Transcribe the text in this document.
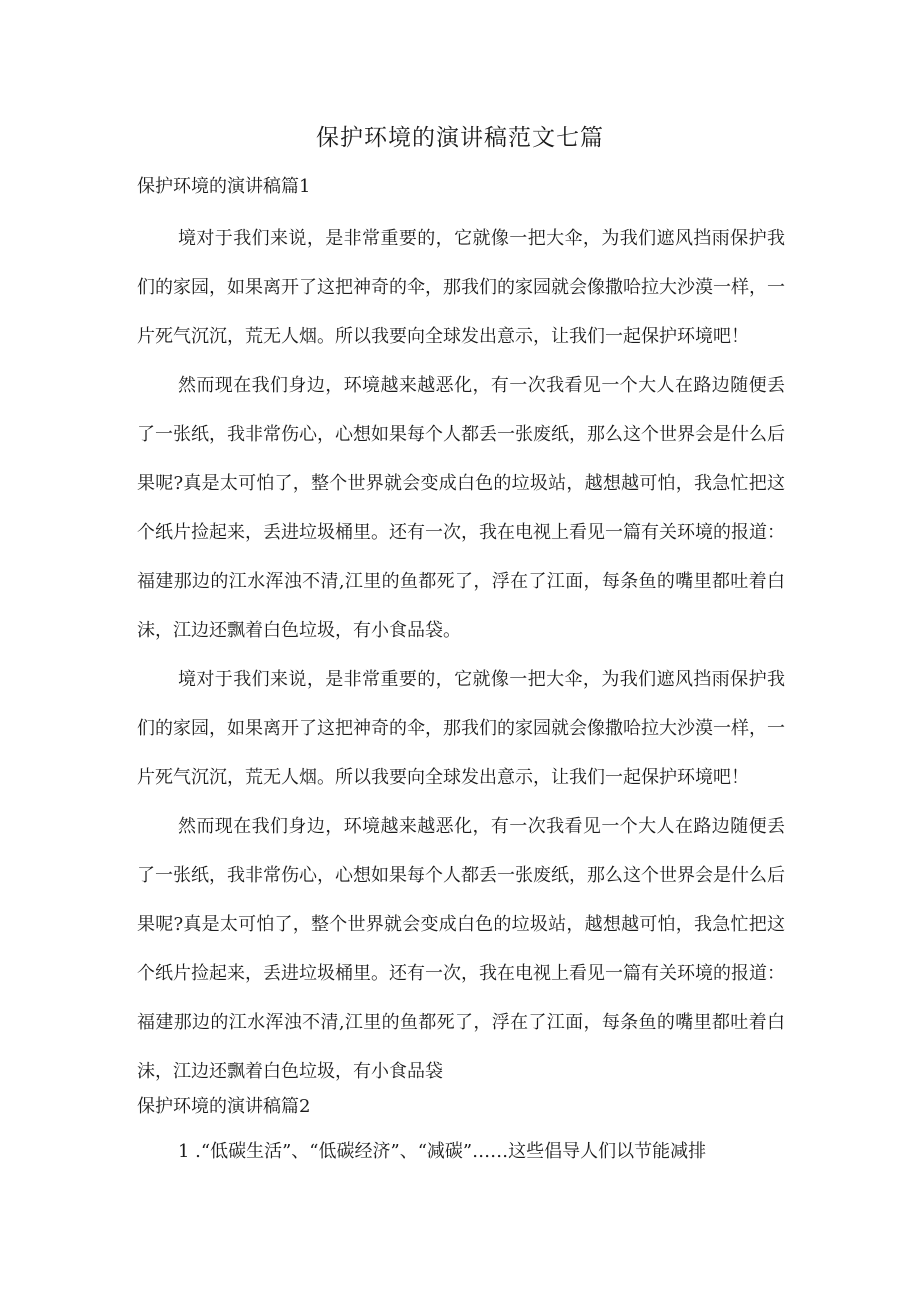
保护环境的演讲稿范文七篇
保护环境的演讲稿篇1

境对于我们来说，是非常重要的，它就像一把大伞，为我们遮风挡雨保护我们的家园，如果离开了这把神奇的伞，那我们的家园就会像撒哈拉大沙漠一样，一片死气沉沉，荒无人烟。所以我要向全球发出意示，让我们一起保护环境吧！

然而现在我们身边，环境越来越恶化，有一次我看见一个大人在路边随便丢了一张纸，我非常伤心，心想如果每个人都丢一张废纸，那么这个世界会是什么后果呢?真是太可怕了，整个世界就会变成白色的垃圾站，越想越可怕，我急忙把这个纸片捡起来，丢进垃圾桶里。还有一次，我在电视上看见一篇有关环境的报道：福建那边的江水浑浊不清,江里的鱼都死了，浮在了江面，每条鱼的嘴里都吐着白沫，江边还飘着白色垃圾，有小食品袋。

境对于我们来说，是非常重要的，它就像一把大伞，为我们遮风挡雨保护我们的家园，如果离开了这把神奇的伞，那我们的家园就会像撒哈拉大沙漠一样，一片死气沉沉，荒无人烟。所以我要向全球发出意示，让我们一起保护环境吧！

然而现在我们身边，环境越来越恶化，有一次我看见一个大人在路边随便丢了一张纸，我非常伤心，心想如果每个人都丢一张废纸，那么这个世界会是什么后果呢?真是太可怕了，整个世界就会变成白色的垃圾站，越想越可怕，我急忙把这个纸片捡起来，丢进垃圾桶里。还有一次，我在电视上看见一篇有关环境的报道：福建那边的江水浑浊不清,江里的鱼都死了，浮在了江面，每条鱼的嘴里都吐着白沫，江边还飘着白色垃圾，有小食品袋

保护环境的演讲稿篇2

1 .“低碳生活”、“低碳经济”、“减碳”……这些倡导人们以节能减排
